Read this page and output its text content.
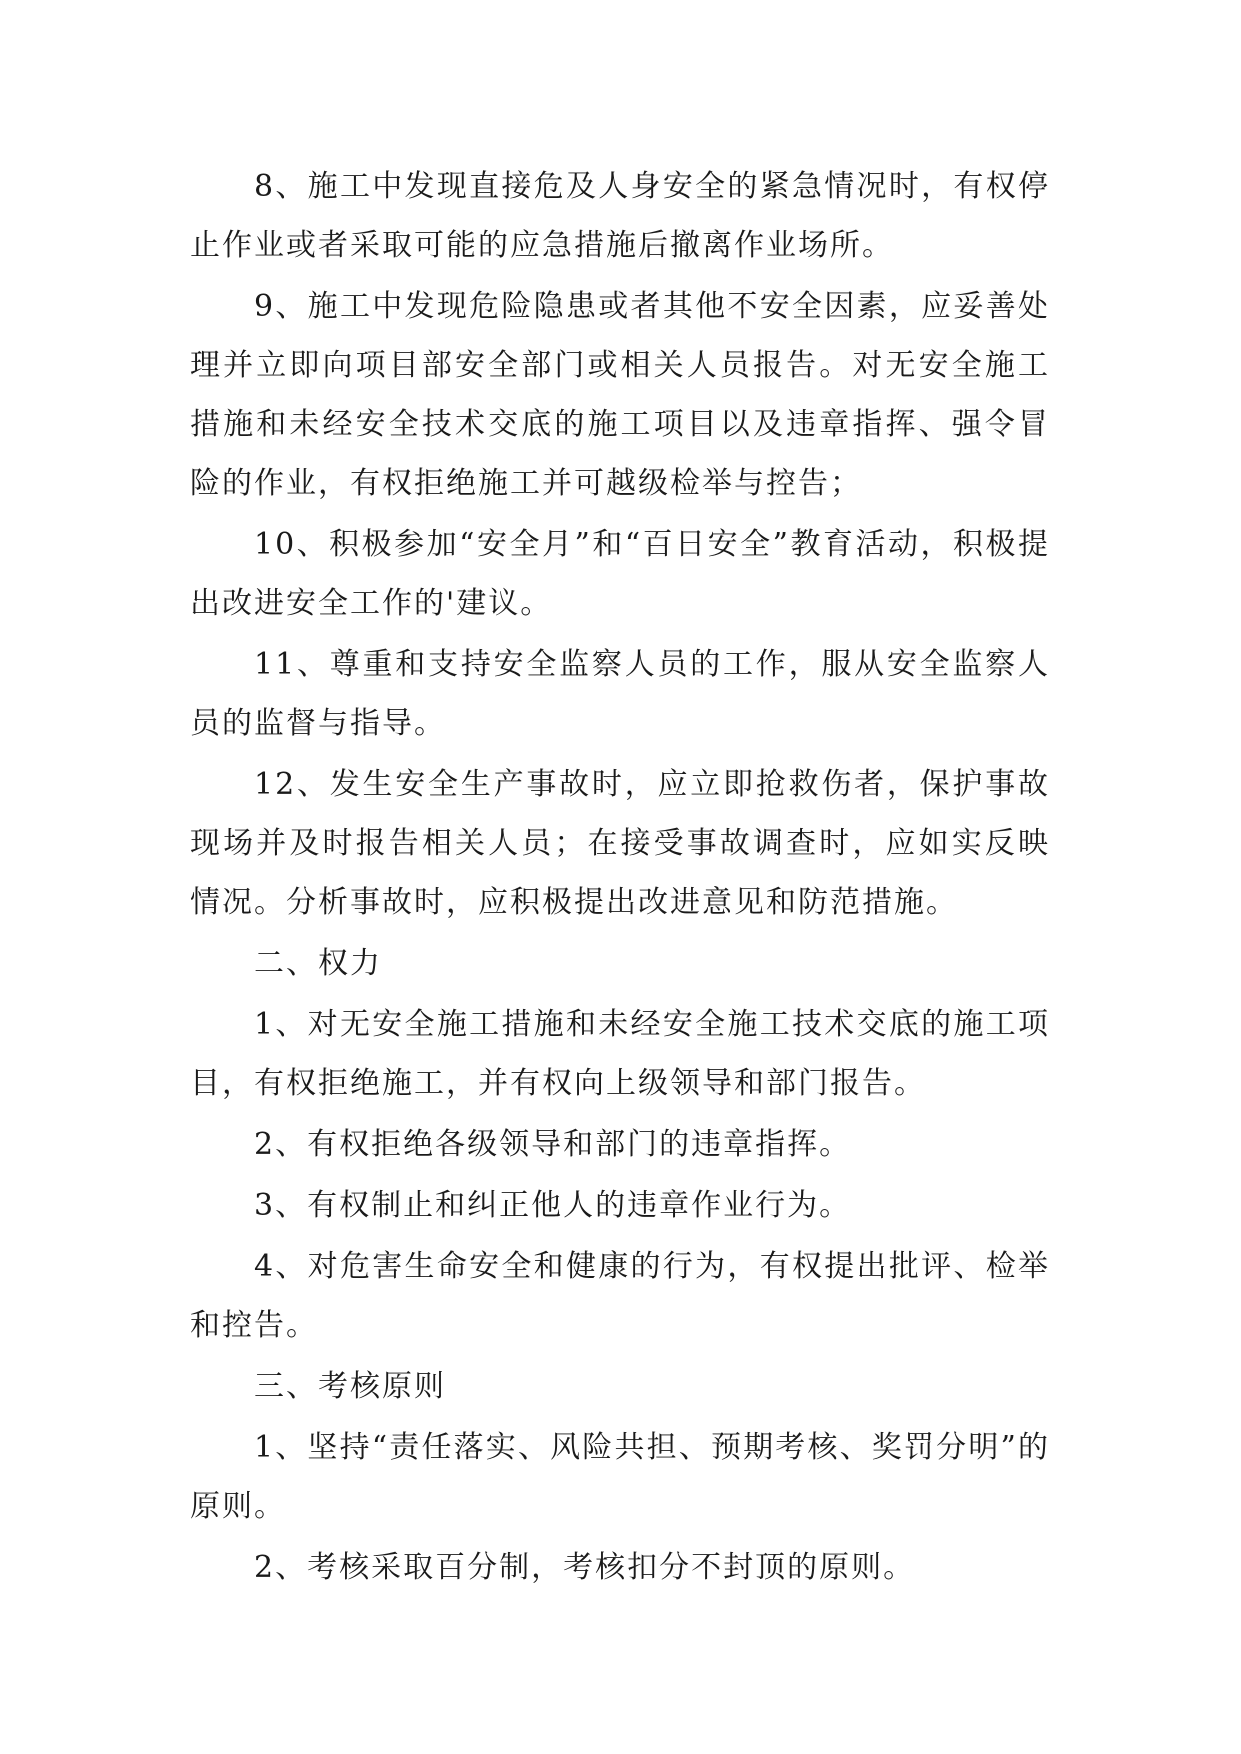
8、施工中发现直接危及人身安全的紧急情况时，有权停止作业或者采取可能的应急措施后撤离作业场所。

9、施工中发现危险隐患或者其他不安全因素，应妥善处理并立即向项目部安全部门或相关人员报告。对无安全施工措施和未经安全技术交底的施工项目以及违章指挥、强令冒险的作业，有权拒绝施工并可越级检举与控告；

10、积极参加“安全月”和“百日安全”教育活动，积极提出改进安全工作的'建议。

11、尊重和支持安全监察人员的工作，服从安全监察人员的监督与指导。

12、发生安全生产事故时，应立即抢救伤者，保护事故现场并及时报告相关人员；在接受事故调查时，应如实反映情况。分析事故时，应积极提出改进意见和防范措施。

二、权力

1、对无安全施工措施和未经安全施工技术交底的施工项目，有权拒绝施工，并有权向上级领导和部门报告。

2、有权拒绝各级领导和部门的违章指挥。

3、有权制止和纠正他人的违章作业行为。

4、对危害生命安全和健康的行为，有权提出批评、检举和控告。

三、考核原则

1、坚持“责任落实、风险共担、预期考核、奖罚分明”的原则。

2、考核采取百分制，考核扣分不封顶的原则。
